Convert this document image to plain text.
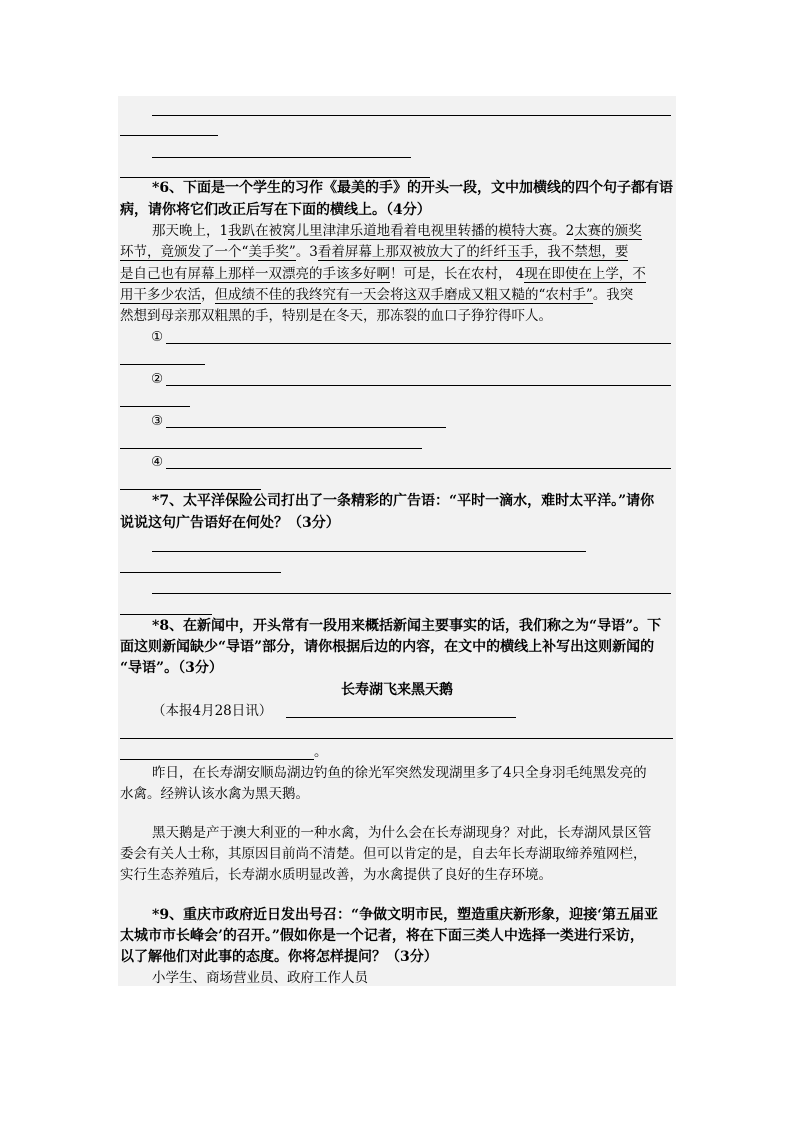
*6、下面是一个学生的习作《最美的手》的开头一段，文中加横线的四个句子都有语
病，请你将它们改正后写在下面的横线上。（4分）
那天晚上，1我趴在被窝儿里津津乐道地看着电视里转播的模特大赛。2太赛的颁奖
环节，竟颁发了一个“美手奖”。3看着屏幕上那双被放大了的纤纤玉手，我不禁想，要
是自己也有屏幕上那样一双漂亮的手该多好啊！可是，长在农村， 4现在即使在上学，不
用干多少农活，但成绩不佳的我终究有一天会将这双手磨成又粗又糙的“农村手”。我突
然想到母亲那双粗黑的手，特别是在冬天，那冻裂的血口子狰狞得吓人。
①
②
③
④
*7、太平洋保险公司打出了一条精彩的广告语：“平时一滴水，难时太平洋。”请你
说说这句广告语好在何处？（3分）
*8、在新闻中，开头常有一段用来概括新闻主要事实的话，我们称之为“导语”。下
面这则新闻缺少“导语”部分，请你根据后边的内容，在文中的横线上补写出这则新闻的
“导语”。（3分）
长寿湖飞来黑天鹅
（本报4月28日讯）
。
昨日，在长寿湖安顺岛湖边钓鱼的徐光军突然发现湖里多了4只全身羽毛纯黑发亮的
水禽。经辨认该水禽为黑天鹅。
黑天鹅是产于澳大利亚的一种水禽，为什么会在长寿湖现身？对此，长寿湖风景区管
委会有关人士称，其原因目前尚不清楚。但可以肯定的是，自去年长寿湖取缔养殖网栏，
实行生态养殖后，长寿湖水质明显改善，为水禽提供了良好的生存环境。
*9、重庆市政府近日发出号召：“争做文明市民，塑造重庆新形象，迎接‘第五届亚
太城市市长峰会’的召开。”假如你是一个记者，将在下面三类人中选择一类进行采访，
以了解他们对此事的态度。你将怎样提问？（3分）
小学生、商场营业员、政府工作人员
